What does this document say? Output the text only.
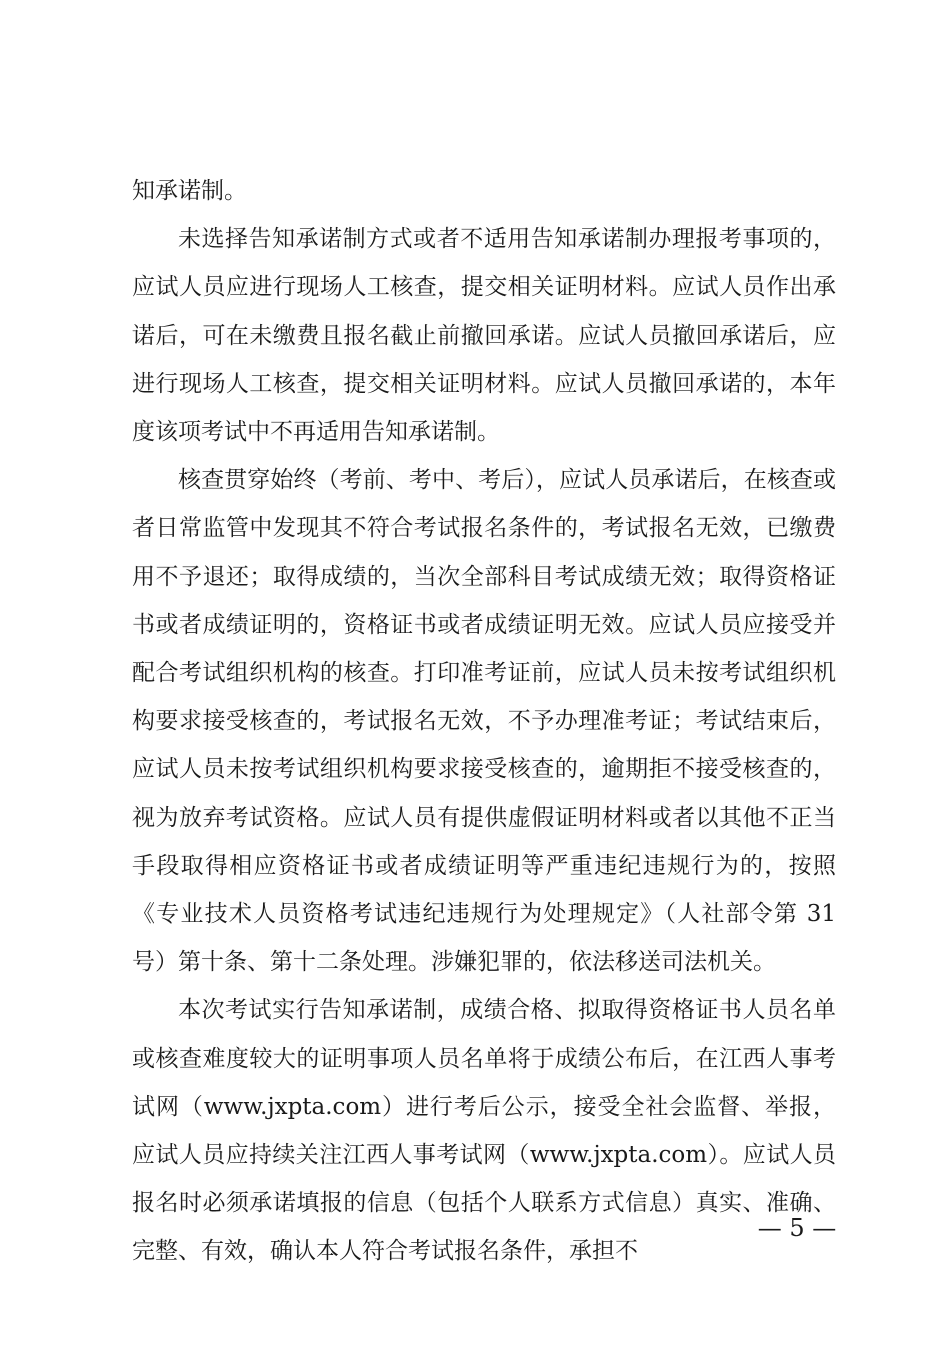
知承诺制。

未选择告知承诺制方式或者不适用告知承诺制办理报考事项的，应试人员应进行现场人工核查，提交相关证明材料。应试人员作出承诺后，可在未缴费且报名截止前撤回承诺。应试人员撤回承诺后，应进行现场人工核查，提交相关证明材料。应试人员撤回承诺的，本年度该项考试中不再适用告知承诺制。

核查贯穿始终（考前、考中、考后），应试人员承诺后，在核查或者日常监管中发现其不符合考试报名条件的，考试报名无效，已缴费用不予退还；取得成绩的，当次全部科目考试成绩无效；取得资格证书或者成绩证明的，资格证书或者成绩证明无效。应试人员应接受并配合考试组织机构的核查。打印准考证前，应试人员未按考试组织机构要求接受核查的，考试报名无效，不予办理准考证；考试结束后，应试人员未按考试组织机构要求接受核查的，逾期拒不接受核查的，视为放弃考试资格。应试人员有提供虚假证明材料或者以其他不正当手段取得相应资格证书或者成绩证明等严重违纪违规行为的，按照《专业技术人员资格考试违纪违规行为处理规定》（人社部令第 31 号）第十条、第十二条处理。涉嫌犯罪的，依法移送司法机关。

本次考试实行告知承诺制，成绩合格、拟取得资格证书人员名单或核查难度较大的证明事项人员名单将于成绩公布后，在江西人事考试网（www.jxpta.com）进行考后公示，接受全社会监督、举报，应试人员应持续关注江西人事考试网（www.jxpta.com）。应试人员报名时必须承诺填报的信息（包括个人联系方式信息）真实、准确、完整、有效，确认本人符合考试报名条件，承担不

— 5 —
